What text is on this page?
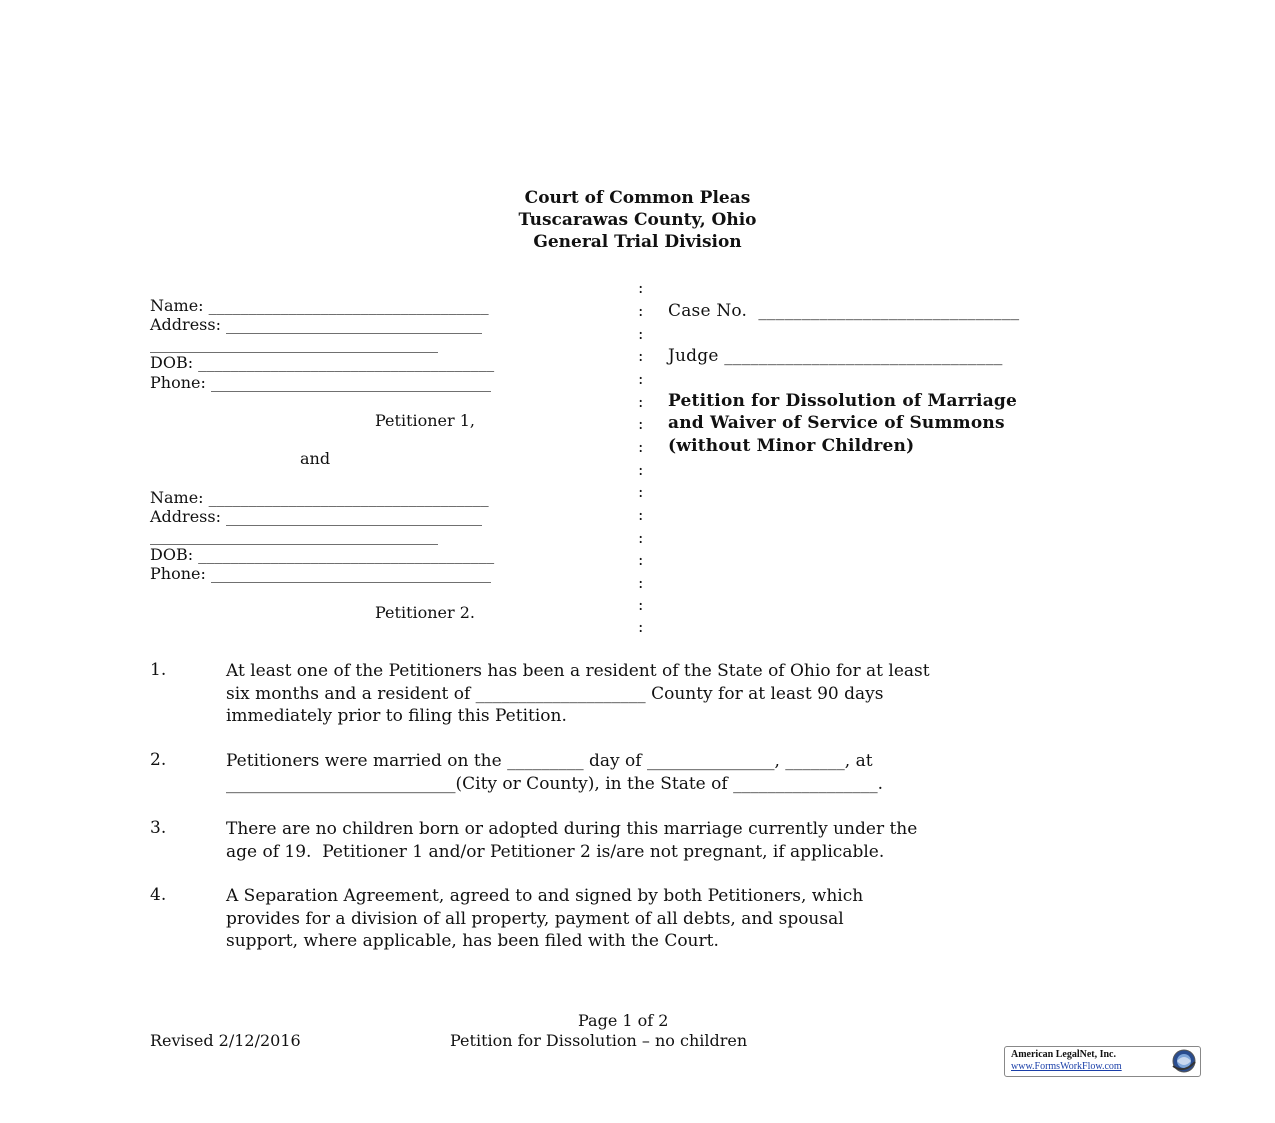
Court of Common Pleas
Tuscarawas County, Ohio
General Trial Division
Name: ___________________________________
Address: ________________________________
____________________________________
DOB: _____________________________________
Phone: ___________________________________
Petitioner 1,
and
Name: ___________________________________
Address: ________________________________
____________________________________
DOB: _____________________________________
Phone: ___________________________________
Petitioner 2.
:
:
:
:
:
:
:
:
:
:
:
:
:
:
:
:
Case No.  ______________________________
Judge ________________________________
Petition for Dissolution of Marriage
and Waiver of Service of Summons
(without Minor Children)
1.	At least one of the Petitioners has been a resident of the State of Ohio for at least
six months and a resident of ____________________ County for at least 90 days
immediately prior to filing this Petition.
2.	Petitioners were married on the _________ day of _______________, _______, at
___________________________(City or County), in the State of _________________.
3.	There are no children born or adopted during this marriage currently under the
age of 19.  Petitioner 1 and/or Petitioner 2 is/are not pregnant, if applicable.
4.	A Separation Agreement, agreed to and signed by both Petitioners, which
provides for a division of all property, payment of all debts, and spousal
support, where applicable, has been filed with the Court.
Page 1 of 2
Revised 2/12/2016	Petition for Dissolution – no children

American LegalNet, Inc.

www.FormsWorkFlow.com
